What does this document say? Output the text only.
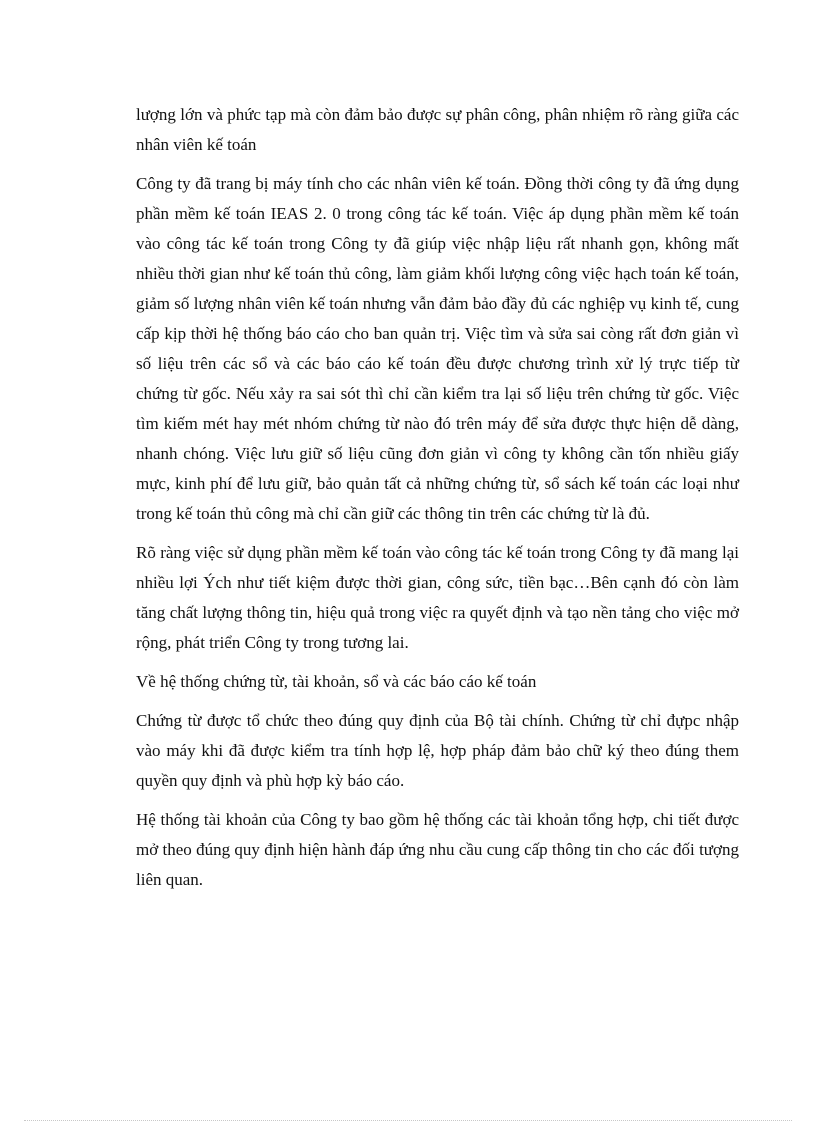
lượng lớn và phức tạp mà còn đảm bảo được sự phân công, phân nhiệm rõ ràng giữa các nhân viên kế toán

Công ty đã trang bị máy tính cho các nhân viên kế toán. Đồng thời công ty đã ứng dụng phần mềm kế toán IEAS 2. 0 trong công tác kế toán. Việc áp dụng phần mềm kế toán vào công tác kế toán trong Công ty đã giúp việc nhập liệu rất nhanh gọn, không mất nhiều thời gian như kế toán thủ công, làm giảm khối lượng công việc hạch toán kế toán, giảm số lượng nhân viên kế toán nhưng vẫn đảm bảo đầy đủ các nghiệp vụ kinh tế, cung cấp kịp thời hệ thống báo cáo cho ban quản trị. Việc tìm và sửa sai còng rất đơn giản vì số liệu trên các sổ và các báo cáo kế toán đều được chương trình xử lý trực tiếp từ chứng từ gốc. Nếu xảy ra sai sót thì chỉ cần kiểm tra lại số liệu trên chứng từ gốc. Việc tìm kiếm mét hay mét nhóm chứng từ nào đó trên máy để sửa được thực hiện dễ dàng, nhanh chóng. Việc lưu giữ số liệu cũng đơn giản vì công ty không cần tốn nhiều giấy mực, kinh phí để lưu giữ, bảo quản tất cả những chứng từ, sổ sách kế toán các loại như trong kế toán thủ công mà chỉ cần giữ các thông tin trên các chứng từ là đủ.

Rõ ràng việc sử dụng phần mềm kế toán vào công tác kế toán trong Công ty đã mang lại nhiều lợi Ých như tiết kiệm được thời gian, công sức, tiền bạc…Bên cạnh đó còn làm tăng chất lượng thông tin, hiệu quả trong việc ra quyết định và tạo nền tảng cho việc mở rộng, phát triển Công ty trong tương lai.

Về hệ thống chứng từ, tài khoản, sổ và các báo cáo kế toán

Chứng từ được tổ chức theo đúng quy định của Bộ tài chính. Chứng từ chỉ đựpc nhập vào máy khi đã được kiểm tra tính hợp lệ, hợp pháp đảm bảo chữ ký theo đúng them quyền quy định và phù hợp kỳ báo cáo.

Hệ thống tài khoản của Công ty bao gồm hệ thống các tài khoản tổng hợp, chi tiết được mở theo đúng quy định hiện hành đáp ứng nhu cầu cung cấp thông tin cho các đối tượng liên quan.
